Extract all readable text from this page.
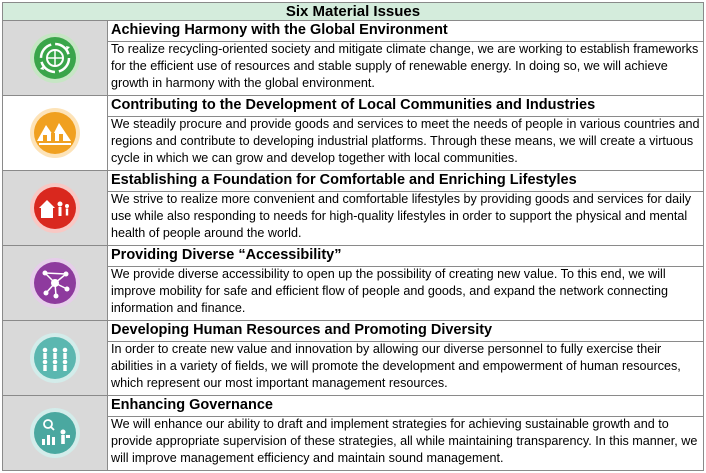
Six Material Issues
Achieving Harmony with the Global Environment
To realize recycling-oriented society and mitigate climate change, we are working to establish frameworks for the efficient use of resources and stable supply of renewable energy. In doing so, we will achieve growth in harmony with the global environment.
Contributing to the Development of Local Communities and Industries
We steadily procure and provide goods and services to meet the needs of people in various countries and regions and contribute to developing industrial platforms. Through these means, we will create a virtuous cycle in which we can grow and develop together with local communities.
Establishing a Foundation for Comfortable and Enriching Lifestyles
We strive to realize more convenient and comfortable lifestyles by providing goods and services for daily use while also responding to needs for high-quality lifestyles in order to support the physical and mental health of people around the world.
Providing Diverse “Accessibility”
We provide diverse accessibility to open up the possibility of creating new value. To this end, we will improve mobility for safe and efficient flow of people and goods, and expand the network connecting information and finance.
Developing Human Resources and Promoting Diversity
In order to create new value and innovation by allowing our diverse personnel to fully exercise their abilities in a variety of fields, we will promote the development and empowerment of human resources, which represent our most important management resources.
Enhancing Governance
We will enhance our ability to draft and implement strategies for achieving sustainable growth and to provide appropriate supervision of these strategies, all while maintaining transparency. In this manner, we will improve management efficiency and maintain sound management.
